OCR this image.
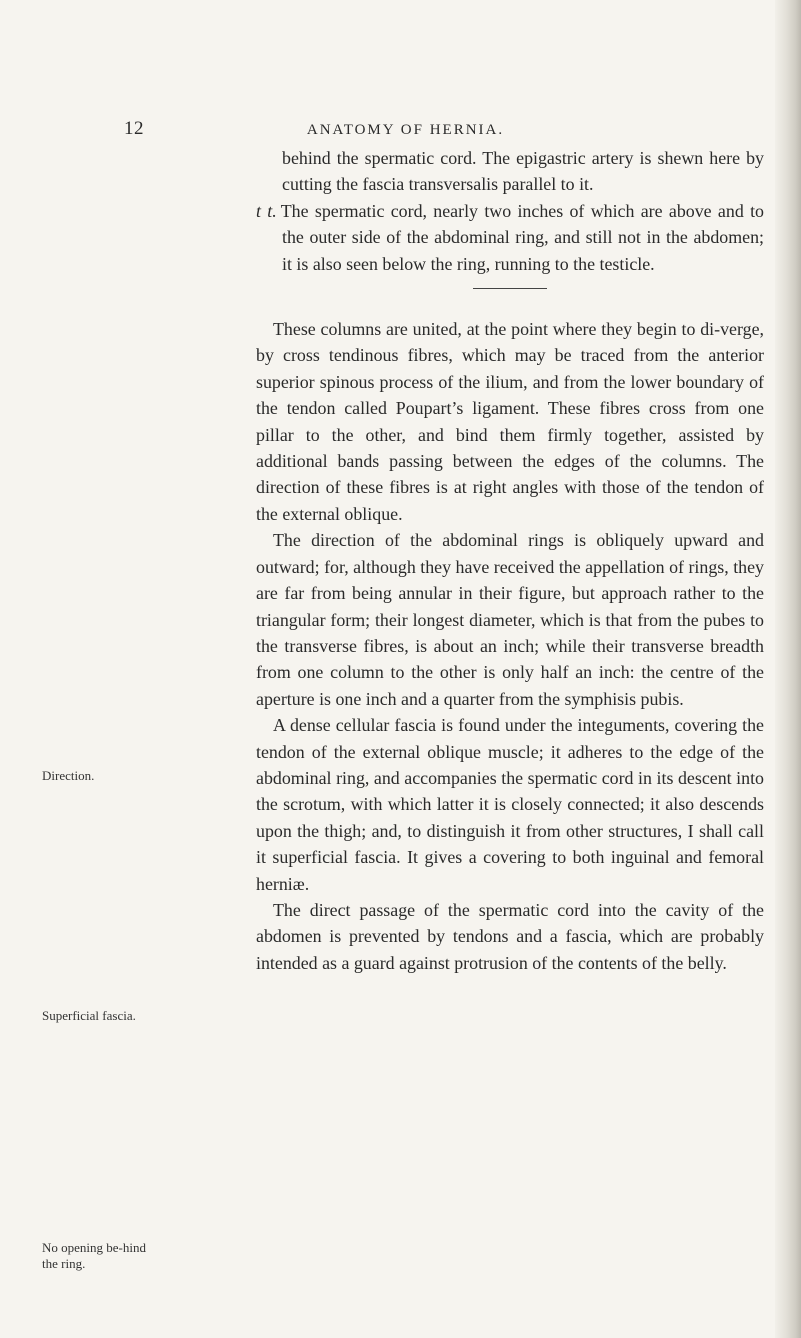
12	ANATOMY OF HERNIA.

behind the spermatic cord. The epigastric artery is shewn here by cutting the fascia transversalis parallel to it.

t t. The spermatic cord, nearly two inches of which are above and to the outer side of the abdominal ring, and still not in the abdomen; it is also seen below the ring, running to the testicle.

These columns are united, at the point where they begin to di-verge, by cross tendinous fibres, which may be traced from the anterior superior spinous process of the ilium, and from the lower boundary of the tendon called Poupart’s ligament. These fibres cross from one pillar to the other, and bind them firmly together, assisted by additional bands passing between the edges of the columns. The direction of these fibres is at right angles with those of the tendon of the external oblique.

The direction of the abdominal rings is obliquely upward and outward; for, although they have received the appellation of rings, they are far from being annular in their figure, but approach rather to the triangular form; their longest diameter, which is that from the pubes to the transverse fibres, is about an inch; while their transverse breadth from one column to the other is only half an inch: the centre of the aperture is one inch and a quarter from the symphisis pubis.

A dense cellular fascia is found under the integuments, covering the tendon of the external oblique muscle; it adheres to the edge of the abdominal ring, and accompanies the spermatic cord in its descent into the scrotum, with which latter it is closely connected; it also descends upon the thigh; and, to distinguish it from other structures, I shall call it superficial fascia. It gives a covering to both inguinal and femoral herniæ.

The direct passage of the spermatic cord into the cavity of the abdomen is prevented by tendons and a fascia, which are probably intended as a guard against protrusion of the contents of the belly.

Direction.
Superficial fascia.
No opening be-hind the ring.
